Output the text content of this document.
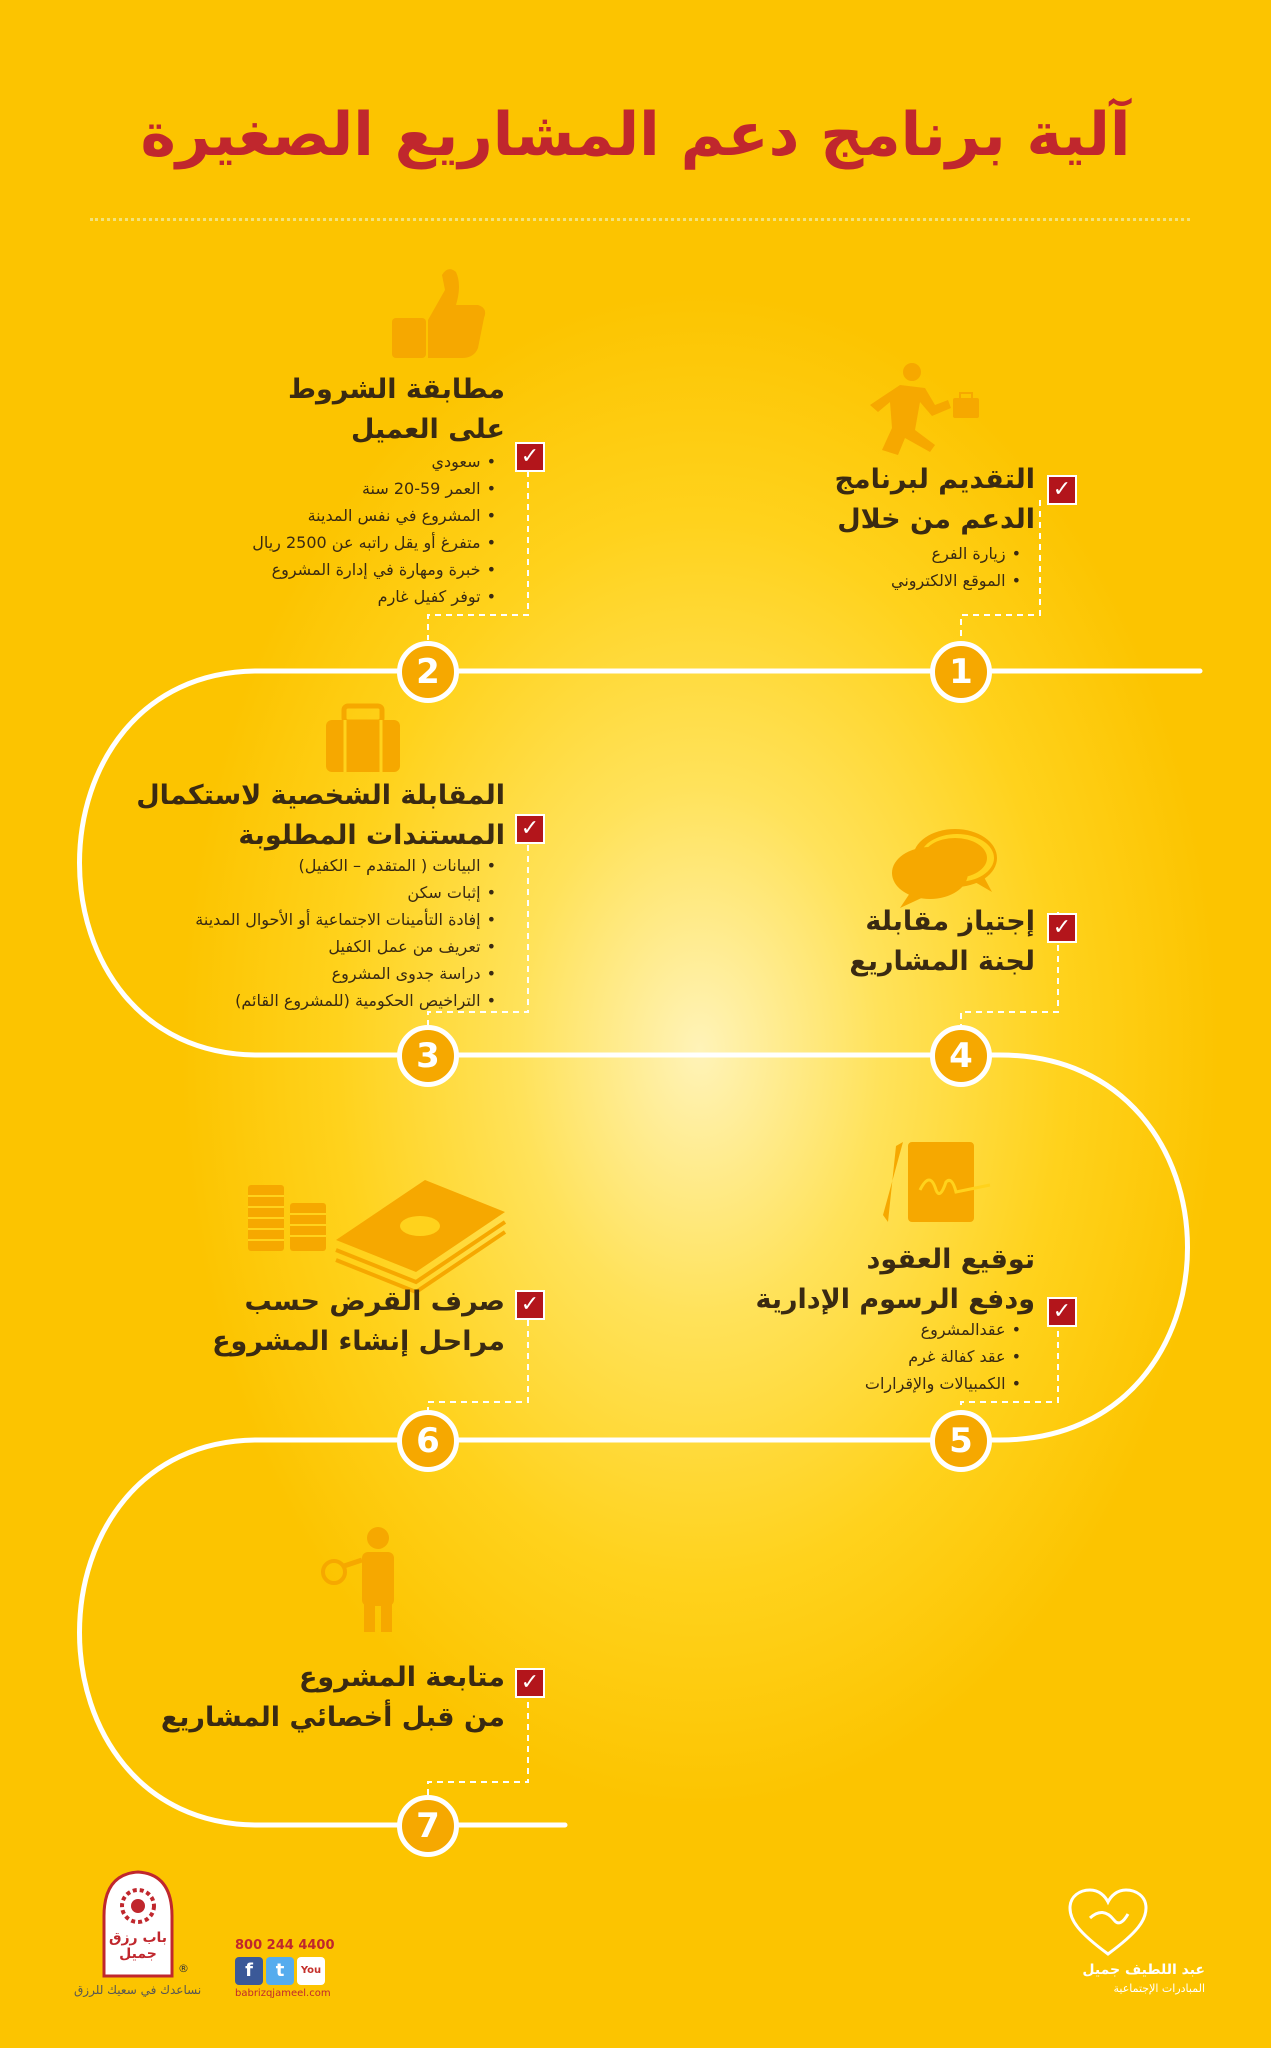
آلية برنامج دعم المشاريع الصغيرة
1
2
3	4
5
6
7
✓
التقديم لبرنامج
الدعم من خلال
• زيارة الفرع
• الموقع الالكتروني
✓
مطابقة الشروط
على العميل
• سعودي
• العمر 59-20 سنة
• المشروع في نفس المدينة
• متفرغ أو يقل راتبه عن 2500 ريال
• خبرة ومهارة في إدارة المشروع
• توفر كفيل غارم
✓
المقابلة الشخصية لاستكمال
المستندات المطلوبة
• البيانات ( المتقدم – الكفيل)
• إثبات سكن
• إفادة التأمينات الاجتماعية أو الأحوال المدينة
• تعريف من عمل الكفيل
• دراسة جدوى المشروع
• التراخيص الحكومية (للمشروع القائم)
✓
إجتياز مقابلة
لجنة المشاريع
✓
توقيع العقود
ودفع الرسوم الإدارية
• عقدالمشروع
• عقد كفالة غرم
• الكمبيالات والإقرارات
✓
صرف القرض حسب
مراحل إنشاء المشروع
✓
متابعة المشروع
من قبل أخصائي المشاريع
باب رزق جميل
®
نساعدك في سعيك للرزق
800 244 4400
f	t	You
babrizqjameel.com
عبد اللطيف جميل
المبادرات الإجتماعية
